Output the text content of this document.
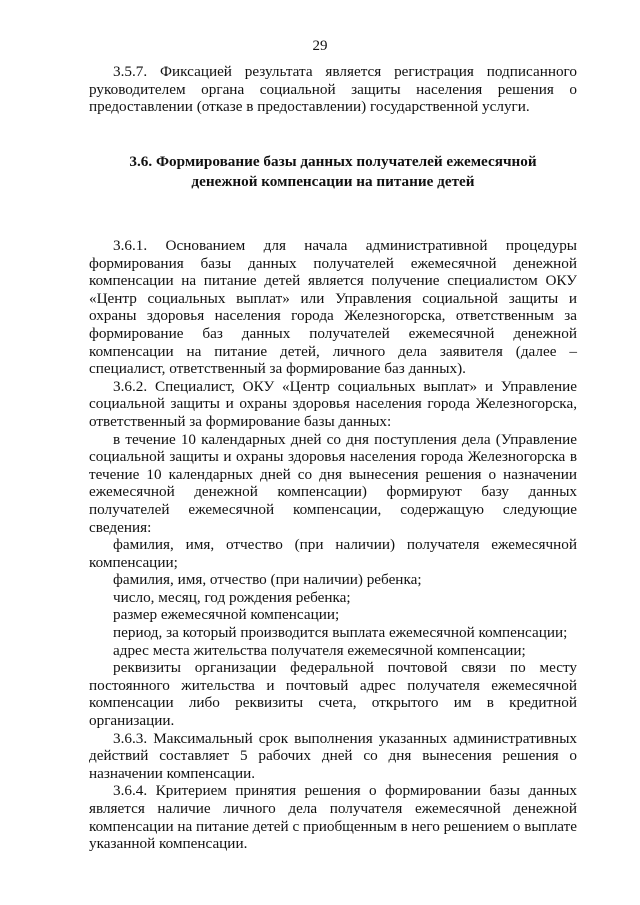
29

3.5.7. Фиксацией результата является регистрация подписанного руководителем органа социальной защиты населения решения о предоставлении (отказе в предоставлении) государственной услуги.

3.6. Формирование базы данных получателей ежемесячной
денежной компенсации на питание детей

3.6.1. Основанием для начала административной процедуры формирования базы данных получателей ежемесячной денежной компенсации на питание детей является получение специалистом ОКУ «Центр социальных выплат» или Управления социальной защиты и охраны здоровья населения города Железногорска, ответственным за формирование баз данных получателей ежемесячной денежной компенсации на питание детей, личного дела заявителя (далее – специалист, ответственный за формирование баз данных).

3.6.2. Специалист, ОКУ «Центр социальных выплат» и Управление социальной защиты и охраны здоровья населения города Железногорска, ответственный за формирование базы данных:

в течение 10 календарных дней со дня поступления дела (Управление социальной защиты и охраны здоровья населения города Железногорска в течение 10 календарных дней со дня вынесения решения о назначении ежемесячной денежной компенсации) формируют базу данных получателей ежемесячной компенсации, содержащую следующие сведения:

фамилия, имя, отчество (при наличии) получателя ежемесячной компенсации;

фамилия, имя, отчество (при наличии) ребенка;

число, месяц, год рождения ребенка;

размер ежемесячной компенсации;

период, за который производится выплата ежемесячной компенсации;

адрес места жительства получателя ежемесячной компенсации;

реквизиты организации федеральной почтовой связи по месту постоянного жительства и почтовый адрес получателя ежемесячной компенсации либо реквизиты счета, открытого им в кредитной организации.

3.6.3. Максимальный срок выполнения указанных административных действий составляет 5 рабочих дней со дня вынесения решения о назначении компенсации.

3.6.4. Критерием принятия решения о формировании базы данных является наличие личного дела получателя ежемесячной денежной компенсации на питание детей с приобщенным в него решением о выплате указанной компенсации.
